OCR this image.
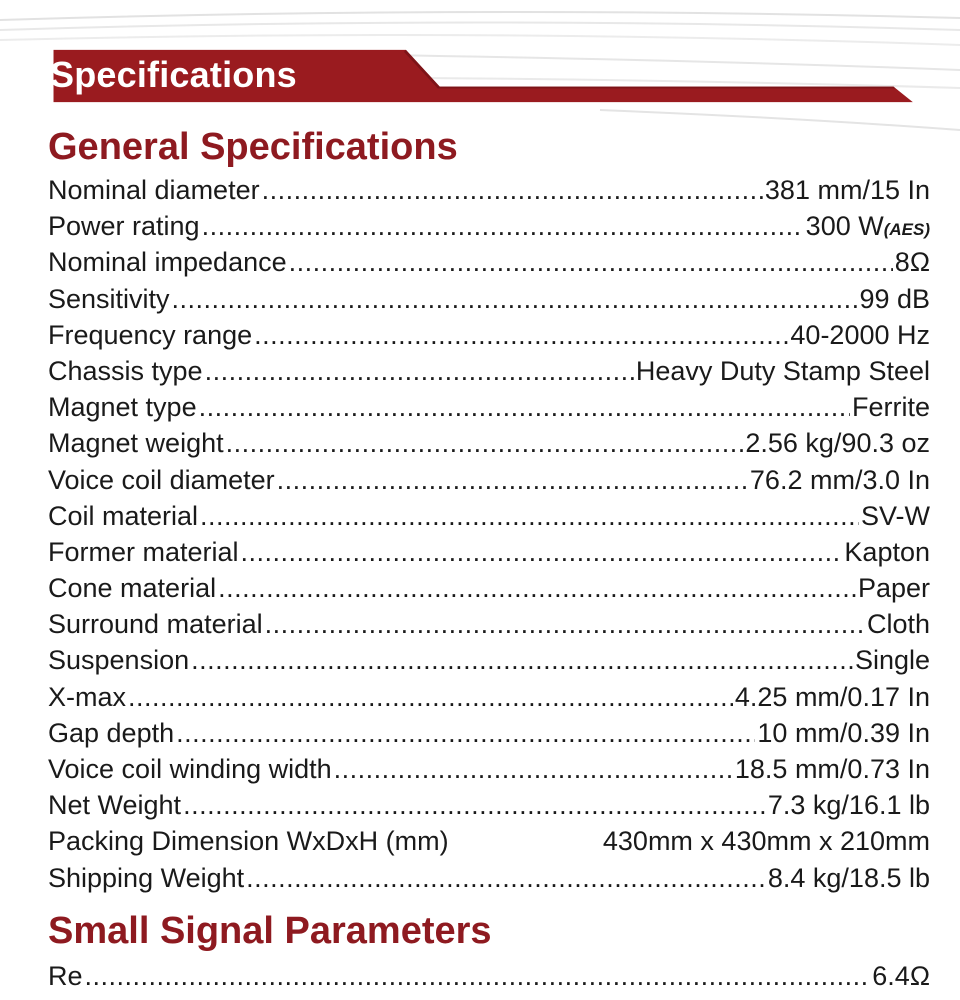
Specifications
General Specifications
Nominal diameter .....	381 mm/15 In
Power rating .....	300 W(AES)
Nominal impedance .....	8Ω
Sensitivity .....	99 dB
Frequency range .....	40-2000 Hz
Chassis type .....	Heavy Duty Stamp Steel
Magnet type .....	Ferrite
Magnet weight .....	2.56 kg/90.3 oz
Voice coil diameter .....	76.2 mm/3.0 In
Coil material .....	SV-W
Former material .....	Kapton
Cone material .....	Paper
Surround material .....	Cloth
Suspension .....	Single
X-max .....	4.25 mm/0.17 In
Gap depth .....	10 mm/0.39 In
Voice coil winding width .....	18.5 mm/0.73 In
Net Weight .....	7.3 kg/16.1 lb
Packing Dimension WxDxH (mm)	430mm x 430mm x 210mm
Shipping Weight .....	8.4 kg/18.5 lb
Small Signal Parameters
Re .....	6.4Ω
